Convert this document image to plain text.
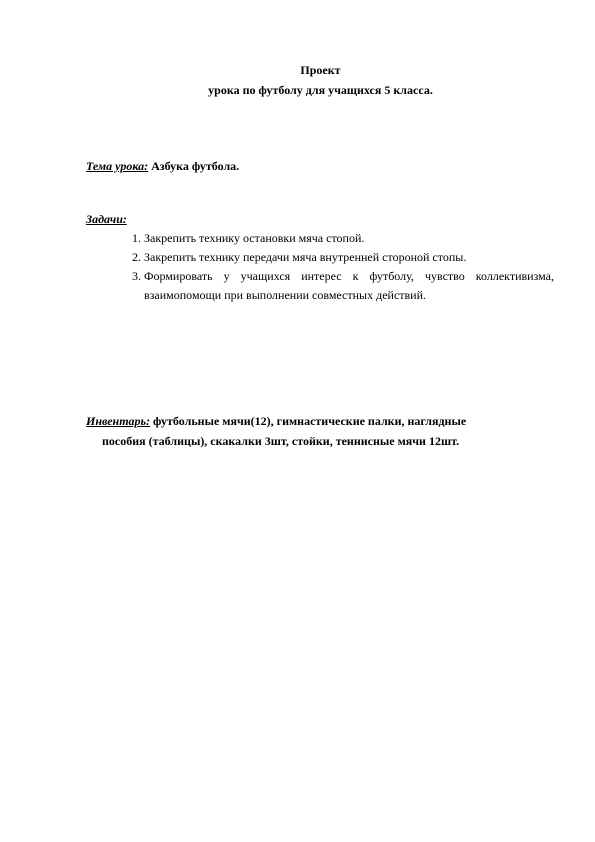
Проект
урока по футболу для учащихся 5 класса.
Тема урока: Азбука футбола.
Задачи:
1. Закрепить технику остановки мяча стопой.
2. Закрепить технику передачи мяча внутренней стороной стопы.
3. Формировать у учащихся интерес к футболу, чувство коллективизма, взаимопомощи при выполнении совместных действий.
Инвентарь: футбольные мячи(12), гимнастические палки, наглядные
пособия (таблицы), скакалки 3шт, стойки, теннисные мячи 12шт.
